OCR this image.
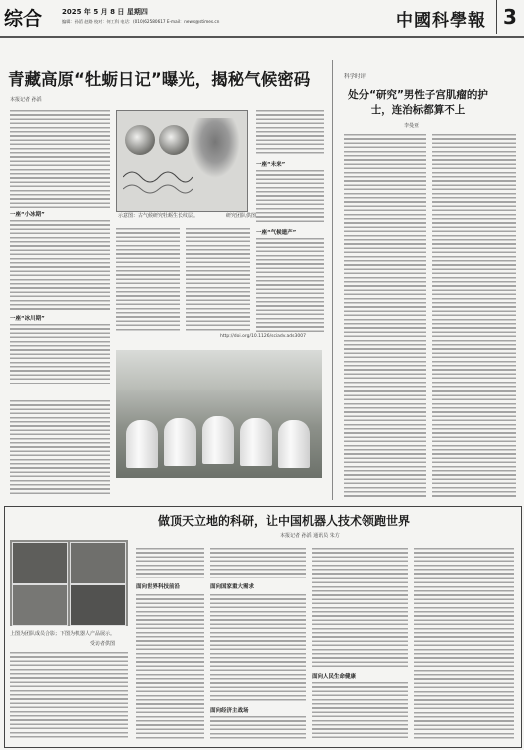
综合	2025 年 5 月 8 日 星期四
编辑：孙滔 赵路 校对：何工科 电话：(010)62580617 E-mail：news@stimes.cn	中國科學報 3
青藏高原“牡蛎日记”曝光，揭秘气候密码
本报记者 孙滔
一座“小冰期”
一座“冰川期”
示意图：古气候研究牡蛎生长纹层。	研究团队供图
一座“未来”
一座“气候遗产”
http://doi.org/10.1126/sciadv.ads3007
科学时评
处分“研究”男性子宫肌瘤的护士，连治标都算不上
李曼亚
做顶天立地的科研，让中国机器人技术领跑世界
本报记者 孙滔 通讯员 朱方
上图为团队成员合影；下图为机器人产品展示。
受访者供图
面向世界科技前沿	面向国家重大需求
面向经济主战场
面向人民生命健康
